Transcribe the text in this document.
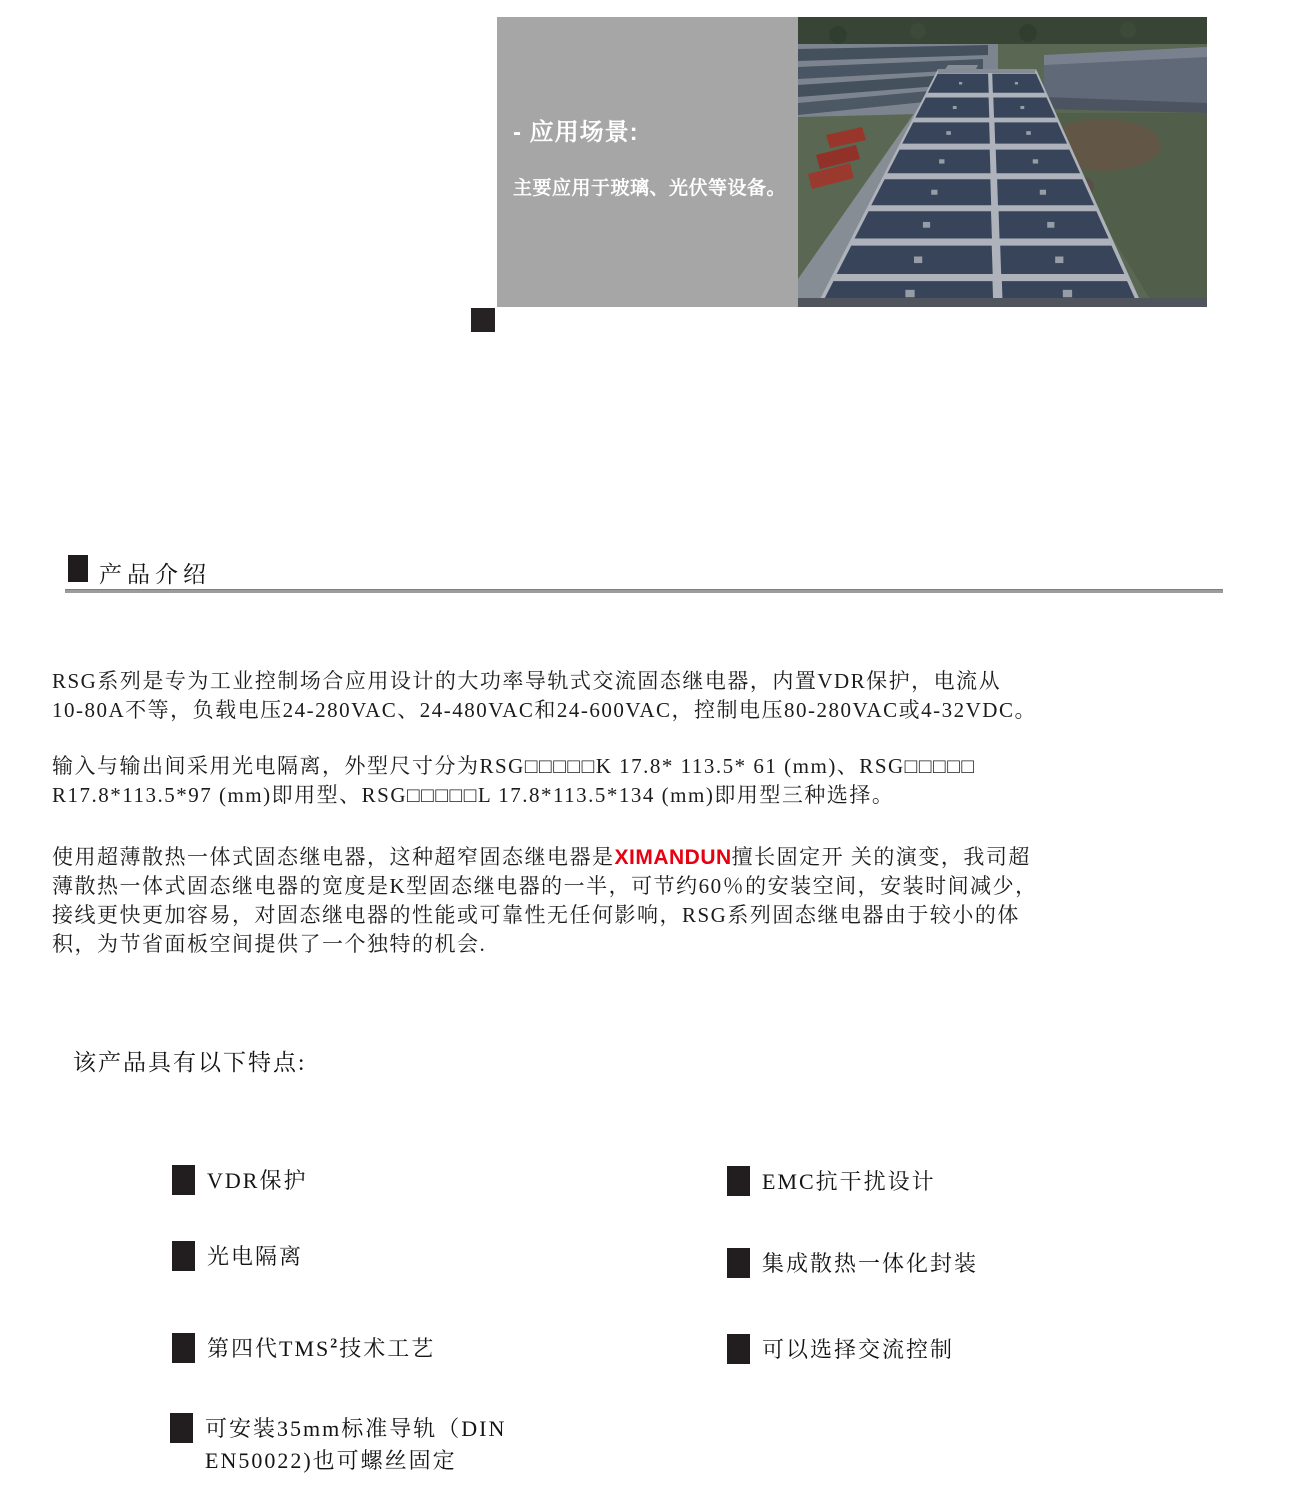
- 应用场景:

主要应用于玻璃、光伏等设备。

产品介绍
RSG系列是专为工业控制场合应用设计的大功率导轨式交流固态继电器，内置VDR保护，电流从
10-80A不等，负载电压24-280VAC、24-480VAC和24-600VAC，控制电压80-280VAC或4-32VDC。
输入与输出间采用光电隔离，外型尺寸分为RSG□□□□□K 17.8* 113.5* 61 (mm)、RSG□□□□□
R17.8*113.5*97 (mm)即用型、RSG□□□□□L 17.8*113.5*134 (mm)即用型三种选择。
使用超薄散热一体式固态继电器，这种超窄固态继电器是XIMANDUN擅长固定开 关的演变，我司超
薄散热一体式固态继电器的宽度是K型固态继电器的一半，可节约60％的安装空间，安装时间减少，
接线更快更加容易，对固态继电器的性能或可靠性无任何影响，RSG系列固态继电器由于较小的体
积，为节省面板空间提供了一个独特的机会.
该产品具有以下特点:
VDR保护	EMC抗干扰设计
光电隔离	集成散热一体化封装
第四代TMS$^2$技术工艺	可以选择交流控制
可安装35mm标准导轨（DIN
EN50022)也可螺丝固定
